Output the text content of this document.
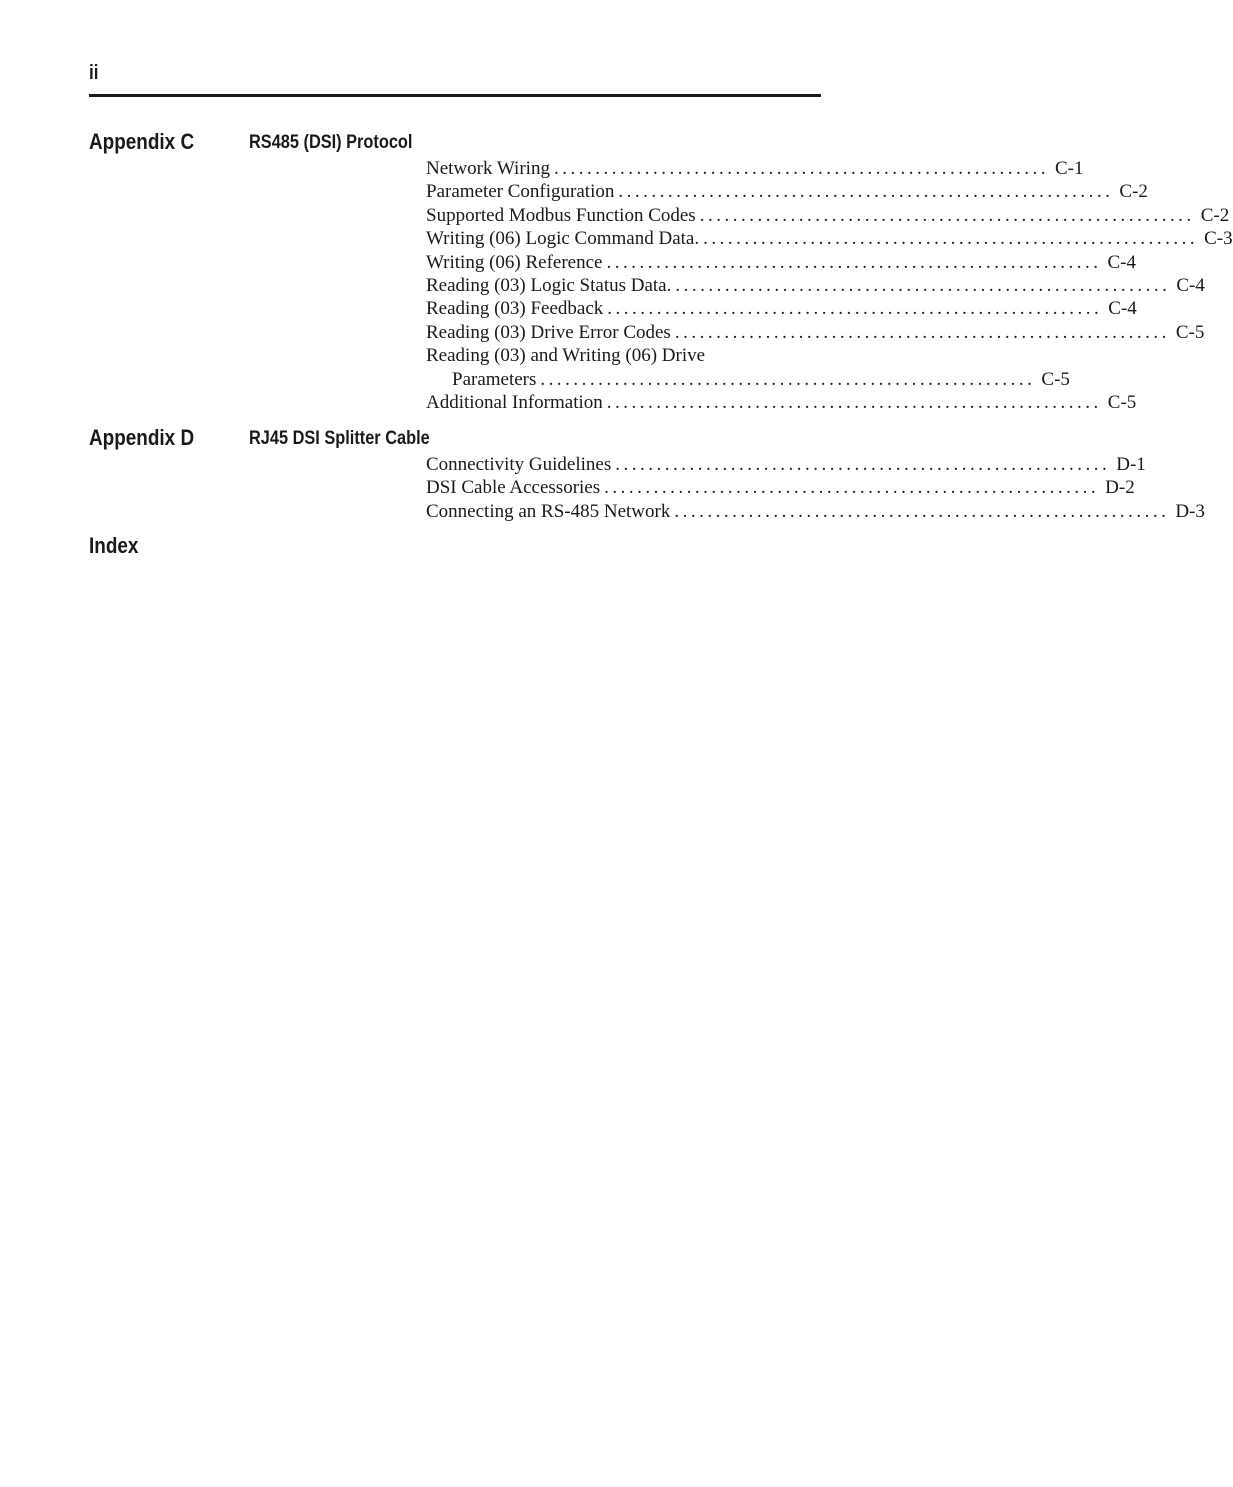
ii
Appendix C	RS485 (DSI) Protocol
Network Wiring ............................................................ C-1
Parameter Configuration ............................................................ C-2
Supported Modbus Function Codes ............................................................ C-2
Writing (06) Logic Command Data. ............................................................ C-3
Writing (06) Reference ............................................................ C-4
Reading (03) Logic Status Data. ............................................................ C-4
Reading (03) Feedback ............................................................ C-4
Reading (03) Drive Error Codes ............................................................ C-5
Reading (03) and Writing (06) Drive
Parameters ............................................................ C-5
Additional Information ............................................................ C-5
Appendix D	RJ45 DSI Splitter Cable
Connectivity Guidelines ............................................................ D-1
DSI Cable Accessories ............................................................ D-2
Connecting an RS-485 Network ............................................................ D-3
Index
